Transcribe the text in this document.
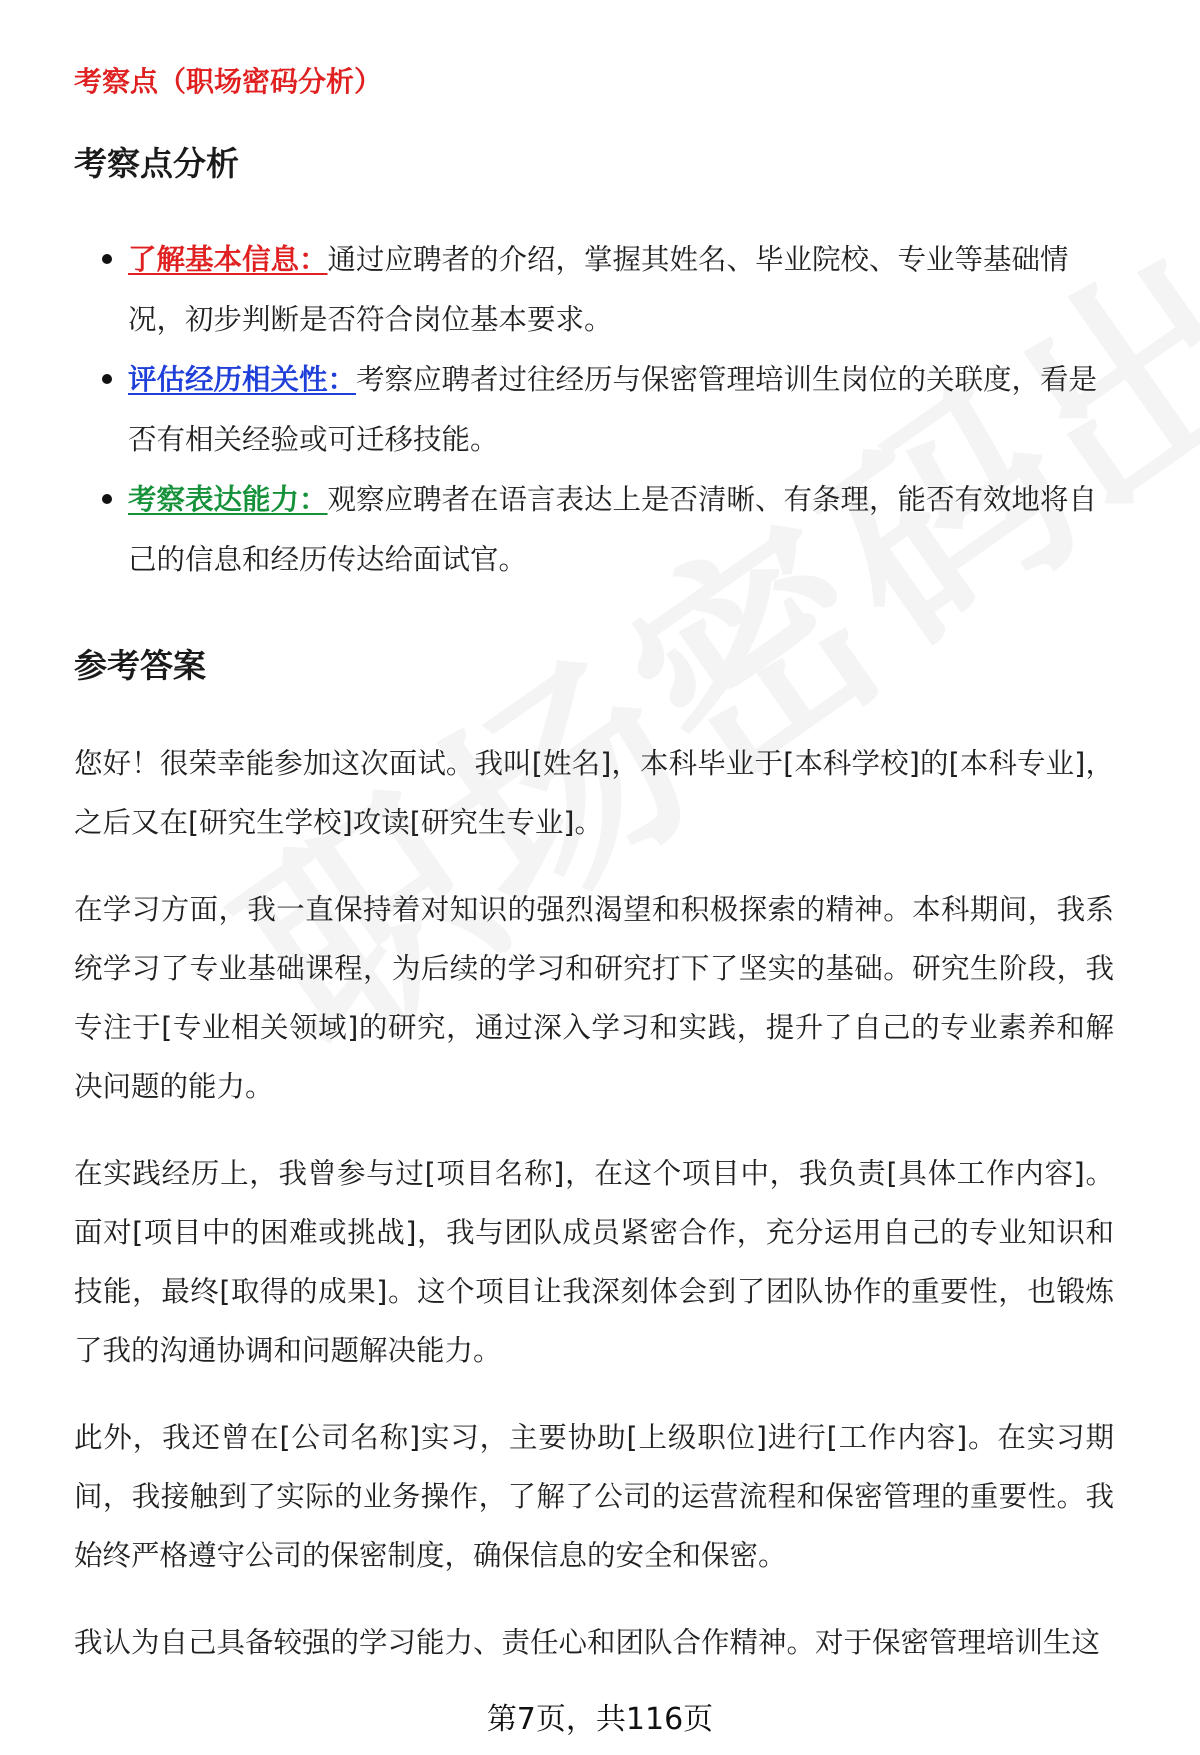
考察点（职场密码分析）
考察点分析
了解基本信息：通过应聘者的介绍，掌握其姓名、毕业院校、专业等基础情况，初步判断是否符合岗位基本要求。
评估经历相关性：考察应聘者过往经历与保密管理培训生岗位的关联度，看是否有相关经验或可迁移技能。
考察表达能力：观察应聘者在语言表达上是否清晰、有条理，能否有效地将自己的信息和经历传达给面试官。
参考答案

您好！很荣幸能参加这次面试。我叫[姓名]，本科毕业于[本科学校]的[本科专业]，之后又在[研究生学校]攻读[研究生专业]。

在学习方面，我一直保持着对知识的强烈渴望和积极探索的精神。本科期间，我系统学习了专业基础课程，为后续的学习和研究打下了坚实的基础。研究生阶段，我专注于[专业相关领域]的研究，通过深入学习和实践，提升了自己的专业素养和解决问题的能力。

在实践经历上，我曾参与过[项目名称]，在这个项目中，我负责[具体工作内容]。面对[项目中的困难或挑战]，我与团队成员紧密合作，充分运用自己的专业知识和技能，最终[取得的成果]。这个项目让我深刻体会到了团队协作的重要性，也锻炼了我的沟通协调和问题解决能力。

此外，我还曾在[公司名称]实习，主要协助[上级职位]进行[工作内容]。在实习期间，我接触到了实际的业务操作，了解了公司的运营流程和保密管理的重要性。我始终严格遵守公司的保密制度，确保信息的安全和保密。

我认为自己具备较强的学习能力、责任心和团队合作精神。对于保密管理培训生这

第7页，共116页
